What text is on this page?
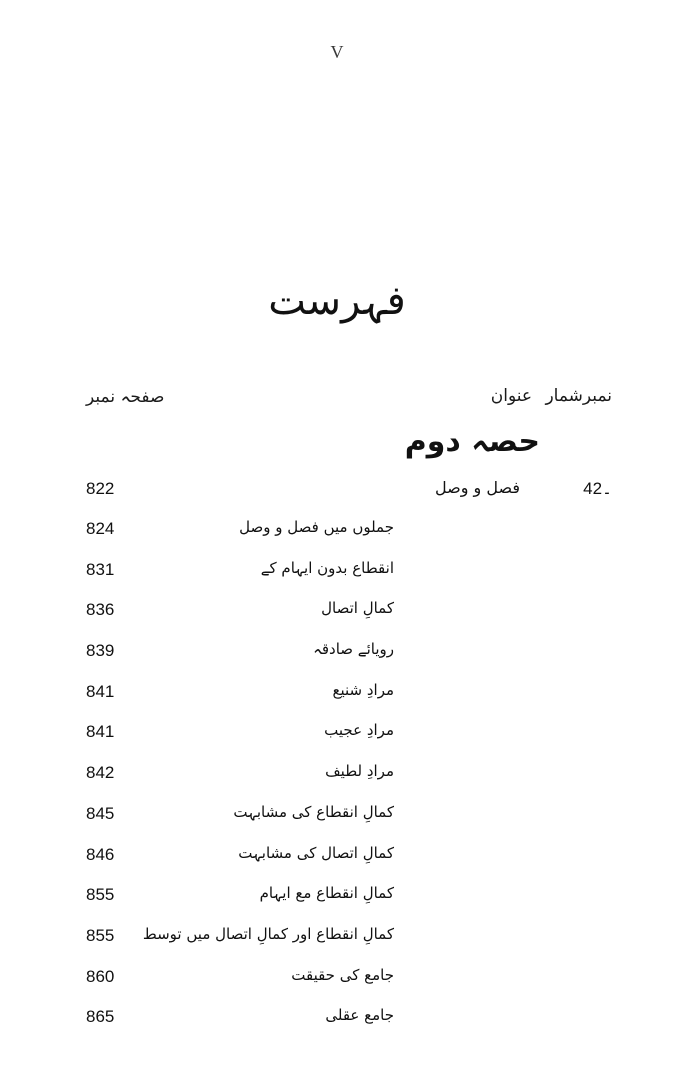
V
فہرست
نمبرشمار
عنوان
صفحہ نمبر
حصہ دوم
42۔
فصل و وصل
822
جملوں میں فصل و وصل
824
انقطاع بدون ایہام کے
831
کمالِ اتصال
836
رویائے صادقہ
839
مرادِ شنیع
841
مرادِ عجیب
841
مرادِ لطیف
842
کمالِ انقطاع کی مشابہت
845
کمالِ اتصال کی مشابہت
846
کمالِ انقطاع مع ایہام
855
کمالِ انقطاع اور کمالِ اتصال میں توسط
855
جامع کی حقیقت
860
جامع عقلی
865
